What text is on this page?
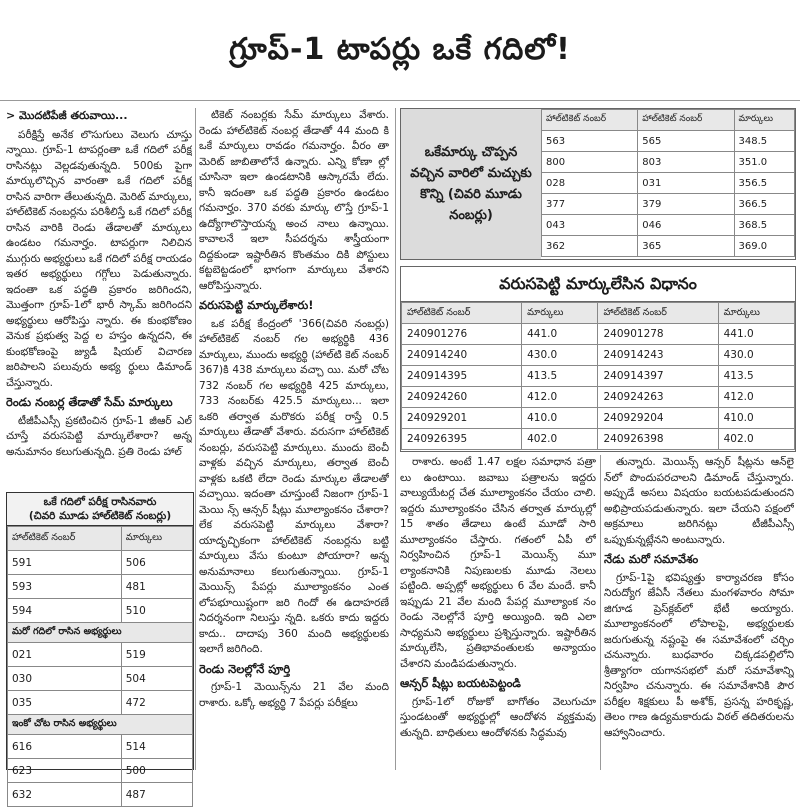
గ్రూప్-1 టాపర్లు ఒకే గదిలో!

> మొదటిపేజీ తరువాయి...

పరీక్షిస్తే అనేక లొసుగులు వెలుగు చూస్తు న్నాయి. గ్రూప్-1 టాపర్లంతా ఒకే గదిలో పరీక్ష రాసినట్లు వెల్లడవుతున్నది. 500కు పైగా మార్కులొచ్చిన వారంతా ఒకే గదిలో పరీక్ష రాసిన వారిగా తేలుతున్నది. మెరిట్ మార్కులు, హాల్‌టికెట్ నంబర్లను పరిశీలిస్తే ఒకే గదిలో పరీక్ష రాసిన వారికి రెండు తేడాలతో మార్కులు ఉండటం గమనార్హం. టాపర్లుగా నిలిచిన ముగ్గురు అభ్యర్థులు ఒకే గదిలో పరీక్ష రాయడం ఇతర అభ్యర్థులు గగ్గోలు పెడుతున్నారు. ఇదంతా ఒక పద్ధతి ప్రకారం జరిగిందని, మొత్తంగా గ్రూప్-1లో భారీ స్కామ్ జరిగిందని అభ్యర్థులు ఆరోపిస్తు న్నారు. ఈ కుంభకోణం వెనుక ప్రభుత్వ పెద్ద ల హస్తం ఉన్నదని, ఈ కుంభకోణంపై జ్యుడీ షియల్ విచారణ జరిపాలని పలువురు అభ్య ర్థులు డిమాండ్ చేస్తున్నారు.

రెండు నంబర్ల తేడాతో సేమ్ మార్కులు

టీజీపీఎస్సీ ప్రకటించిన గ్రూప్-1 జీఆర్ ఎల్ చూస్తే వరుసపెట్టి మార్కులేశారా? అన్న అనుమానం కలుగుతున్నది. ప్రతి రెండు హాల్

ఒకే గదిలో పరీక్ష రాసినవారు
(చివరి మూడు హాల్‌టికెట్ నంబర్లు)
హాల్‌టికెట్ నంబర్	మార్కులు
591	506
593	481
594	510
మరో గదిలో రాసిన అభ్యర్థులు	
021	519
030	504
035	472
ఇంకో చోట రాసిన అభ్యర్థులు	
616	514
623	500
632	487

టికెట్ నంబర్లకు సేమ్ మార్కులు వేశారు. రెండు హాల్‌టికెట్ నంబర్ల తేడాతో 44 మంది కి ఒకే మార్కులు రావడం గమనార్హం. వీరం తా మెరిట్ జాబితాలోనే ఉన్నారు. ఎన్ని కోణా ల్లో చూసినా ఇలా ఉండటానికి ఆస్కారమే లేదు. కానీ ఇదంతా ఒక పద్ధతి ప్రకారం ఉండటం గమనార్హం. 370 వరకు మార్కు లొస్తే గ్రూప్-1 ఉద్యోగాలొస్తాయన్న అంచ నాలు ఉన్నాయి. కావాలనే ఇలా సీపదర్శను శాస్త్రీయంగా దిద్దకుండా ఇష్టారీతిన కొంతమం దికి పోస్టులు కట్టబెట్టడంలో భాగంగా మార్కులు వేశారని ఆరోపిస్తున్నారు.

వరుసపెట్టి మార్కులేశారు!

ఒక పరీక్ష కేంద్రంలో '366(చివరి నంబర్లు) హాల్‌టికెట్ నంబర్ గల అభ్యర్థికి 436 మార్కులు, ముందు అభ్యర్థి (హాల్‌టి కెట్ నంబర్ 367)కి 438 మార్కులు వచ్చా యి. మరో చోట 732 నంబర్ గల అభ్యర్థికి 425 మార్కులు, 733 నంబర్‌కు 425.5 మార్కులు... ఇలా ఒకరి తర్వాత మరొకరు పరీక్ష రాస్తే 0.5 మార్కులు తేడాతో వేశారు. వరుసగా హాల్‌టికెట్ నంబర్లు, వరుసపెట్టి మార్కులు. ముందు బెంచీ వాళ్లకు వచ్చిన మార్కులు, తర్వాత బెంచీ వాళ్లకు ఒకటి లేదా రెండు మార్కుల తేడాలతో వచ్చాయి. ఇదంతా చూస్తుంటే నిజంగా గ్రూప్-1 మెయి న్స్ ఆన్సర్ షీట్లు మూల్యాంకనం చేశారా? లేక వరుసపెట్టి మార్కులు వేశారా? యాదృచ్ఛికంగా హాల్‌టికెట్ నంబర్లను బట్టి మార్కులు వేసు కుంటూ పోయారా? అన్న అనుమానాలు కలుగుతున్నాయి. గ్రూప్-1 మెయిన్స్ పేపర్లు మూల్యాంకనం ఎంత లోపభూయిష్టంగా జరి గిందో ఈ ఉదాహరణే నిదర్శనంగా నిలుస్తు న్నది. ఒకరు కాదు ఇద్దరు కాదు.. దాదాపు 360 మంది అభ్యర్థులకు ఇలాగే జరిగింది.

రెండు నెలల్లోనే పూర్తి

గ్రూప్-1 మెయిన్స్‌ను 21 వేల మంది రాశారు. ఒక్కో అభ్యర్థి 7 పేపర్లు పరీక్షలు

ఒకేమార్కు చొప్పన వచ్చిన వారిలో మచ్చుకు కొన్ని (చివరి మూడు నంబర్లు)
హాల్‌టికెట్ నంబర్	హాల్‌టికెట్ నంబర్	మార్కులు
563	565	348.5
800	803	351.0
028	031	356.5
377	379	366.5
043	046	368.5
362	365	369.0
వరుసపెట్టి మార్కులేసిన విధానం
హాల్‌టికెట్ నంబర్	మార్కులు	హాల్‌టికెట్ నంబర్	మార్కులు
240901276	441.0	240901278	441.0
240914240	430.0	240914243	430.0
240914395	413.5	240914397	413.5
240924260	412.0	240924263	412.0
240929201	410.0	240929204	410.0
240926395	402.0	240926398	402.0

రాశారు. అంటే 1.47 లక్షల సమాధాన పత్రా లు ఉంటాయి. జవాబు పత్రాలను ఇద్దరు వాల్యుయేటర్ల చేత మూల్యాంకనం చేయం చాలి. ఇద్దరు మూల్యాంకనం చేసిన తర్వాత మార్కుల్లో 15 శాతం తేడాలు ఉంటే మూడో సారి మూల్యాంకనం చేస్తారు. గతంలో ఏపీ లో నిర్వహించిన గ్రూప్-1 మెయిన్స్ మూ ల్యాంకనానికి నిపుణులకు మూడు నెలలు పట్టింది. అప్పట్లో అభ్యర్థులు 6 వేల మందే. కానీ ఇప్పుడు 21 వేల మంది పేపర్ల మూల్యాంక నం రెండు నెలల్లోనే పూర్తి అయ్యింది. ఇది ఎలా సాధ్యమని అభ్యర్థులు ప్రశ్నిస్తున్నారు. ఇష్టారీతిన మార్కులేసి, ప్రతిభావంతులకు అన్యాయం చేశారని మండిపడుతున్నారు.

ఆన్సర్ షీట్లు బయటపెట్టండి

గ్రూప్-1లో రోజుకో బాగోతం వెలుగుచూ స్తుండటంతో అభ్యర్థుల్లో ఆందోళన వ్యక్తమవు తున్నది. బాధితులు ఆందోళనకు సిద్ధమవు

తున్నారు. మెయిన్స్ ఆన్సర్ షీట్లను ఆన్‌లై న్‌లో పొందుపరచాలని డిమాండ్ చేస్తున్నారు. అప్పుడే అసలు విషయం బయటపడుతుందని అభిప్రాయపడుతున్నారు. ఇలా చేయని పక్షంలో అక్రమాలు జరిగినట్లు టీజీపీఎస్సీ ఒప్పుకున్నట్లేనని అంటున్నారు.

నేడు మరో సమావేశం

గ్రూప్-1పై భవిష్యత్తు కార్యాచరణ కోసం నిరుద్యోగ జేఏసీ నేతలు మంగళవారం సోమా జిగూడ ప్రెస్‌క్లబ్‌లో భేటీ అయ్యారు. మూల్యాంకనంలో లోపాలపై, అభ్యర్థులకు జరుగుతున్న నష్టంపై ఈ సమావేశంలో చర్చిం చనున్నారు. బుధవారం చిక్కడపల్లిలోని శ్రీత్యాగరా యగానసభలో మరో సమావేశాన్ని నిర్వహిం చనున్నారు. ఈ సమావేశానికి పౌర పరీక్షల శిక్షకులు పీ అశోక్, ప్రసన్న హరికృష్ణ, తెలం గాణ ఉద్యమకారుడు విఠల్ తదితరులను ఆహ్వానించారు.
